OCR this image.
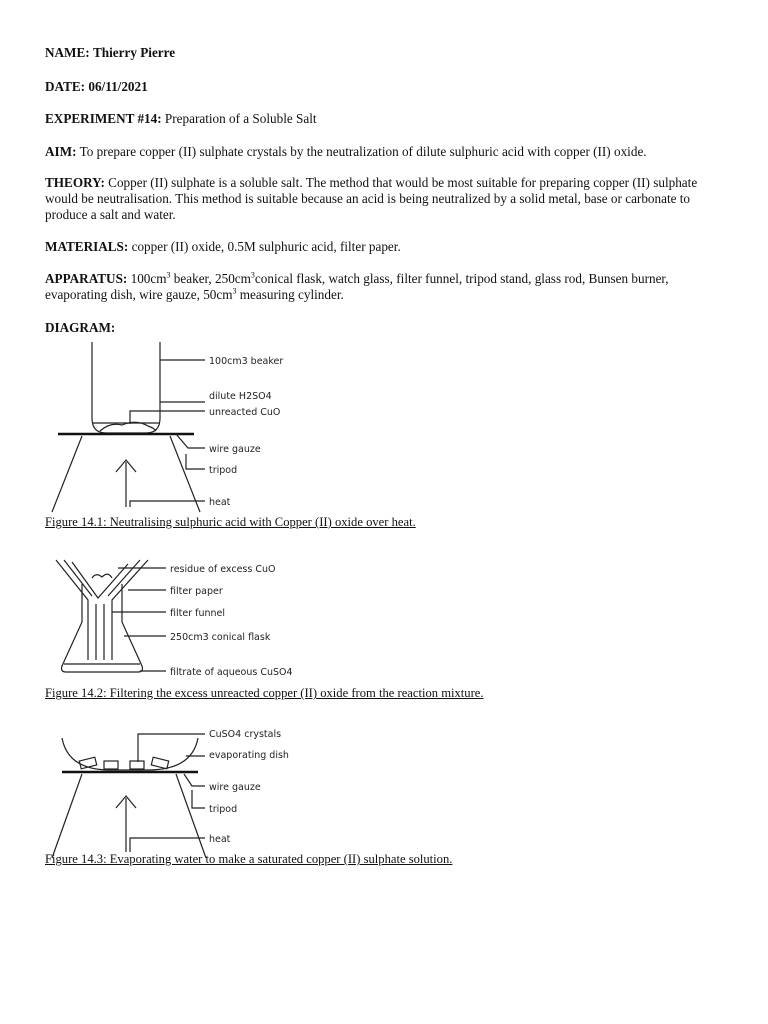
NAME: Thierry Pierre
DATE: 06/11/2021
EXPERIMENT #14: Preparation of a Soluble Salt
AIM: To prepare copper (II) sulphate crystals by the neutralization of dilute sulphuric acid with copper (II) oxide.
THEORY: Copper (II) sulphate is a soluble salt. The method that would be most suitable for preparing copper (II) sulphate would be neutralisation. This method is suitable because an acid is being neutralized by a solid metal, base or carbonate to produce a salt and water.
MATERIALS: copper (II) oxide, 0.5M sulphuric acid, filter paper.
APPARATUS: $100cm^3$ beaker, $250cm^3conical$ flask, watch glass, filter funnel, tripod stand, glass rod, Bunsen burner, evaporating dish, wire gauze, $50cm^3$ measuring cylinder.
DIAGRAM:
100cm3 beaker
dilute H2SO4
unreacted CuO
wire gauze
tripod
heat
Figure 14.1: Neutralising sulphuric acid with Copper (II) oxide over heat.
residue of excess CuO
filter paper
filter funnel
250cm3 conical flask
filtrate of aqueous CuSO4
Figure 14.2: Filtering the excess unreacted copper (II) oxide from the reaction mixture.
CuSO4 crystals
evaporating dish
wire gauze
tripod
heat
Figure 14.3: Evaporating water to make a saturated copper (II) sulphate solution.
